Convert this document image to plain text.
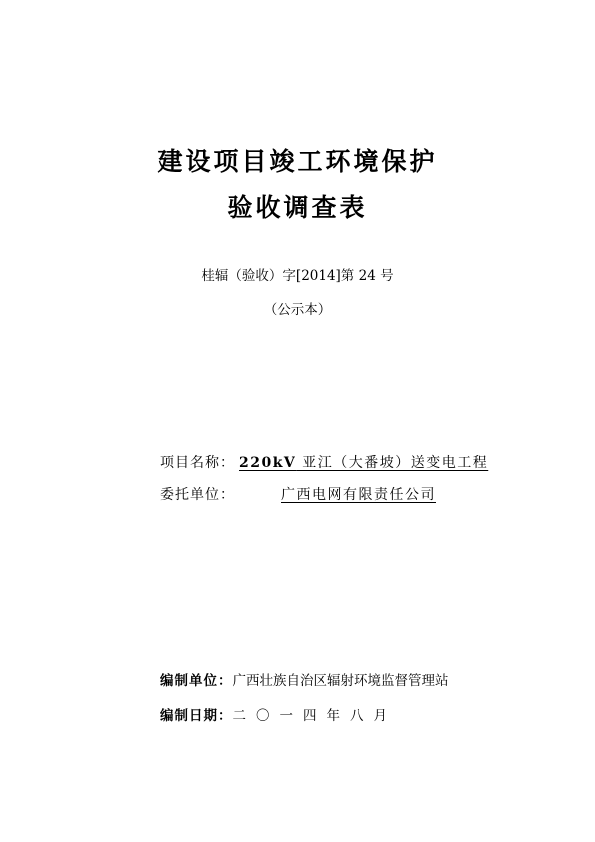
建设项目竣工环境保护
验收调查表
桂辐（验收）字[2014]第 24 号
（公示本）
项目名称： 220kV 亚江（大番坡）送变电工程
委托单位：	广西电网有限责任公司
编制单位：广西壮族自治区辐射环境监督管理站
编制日期：二〇一四年八月
